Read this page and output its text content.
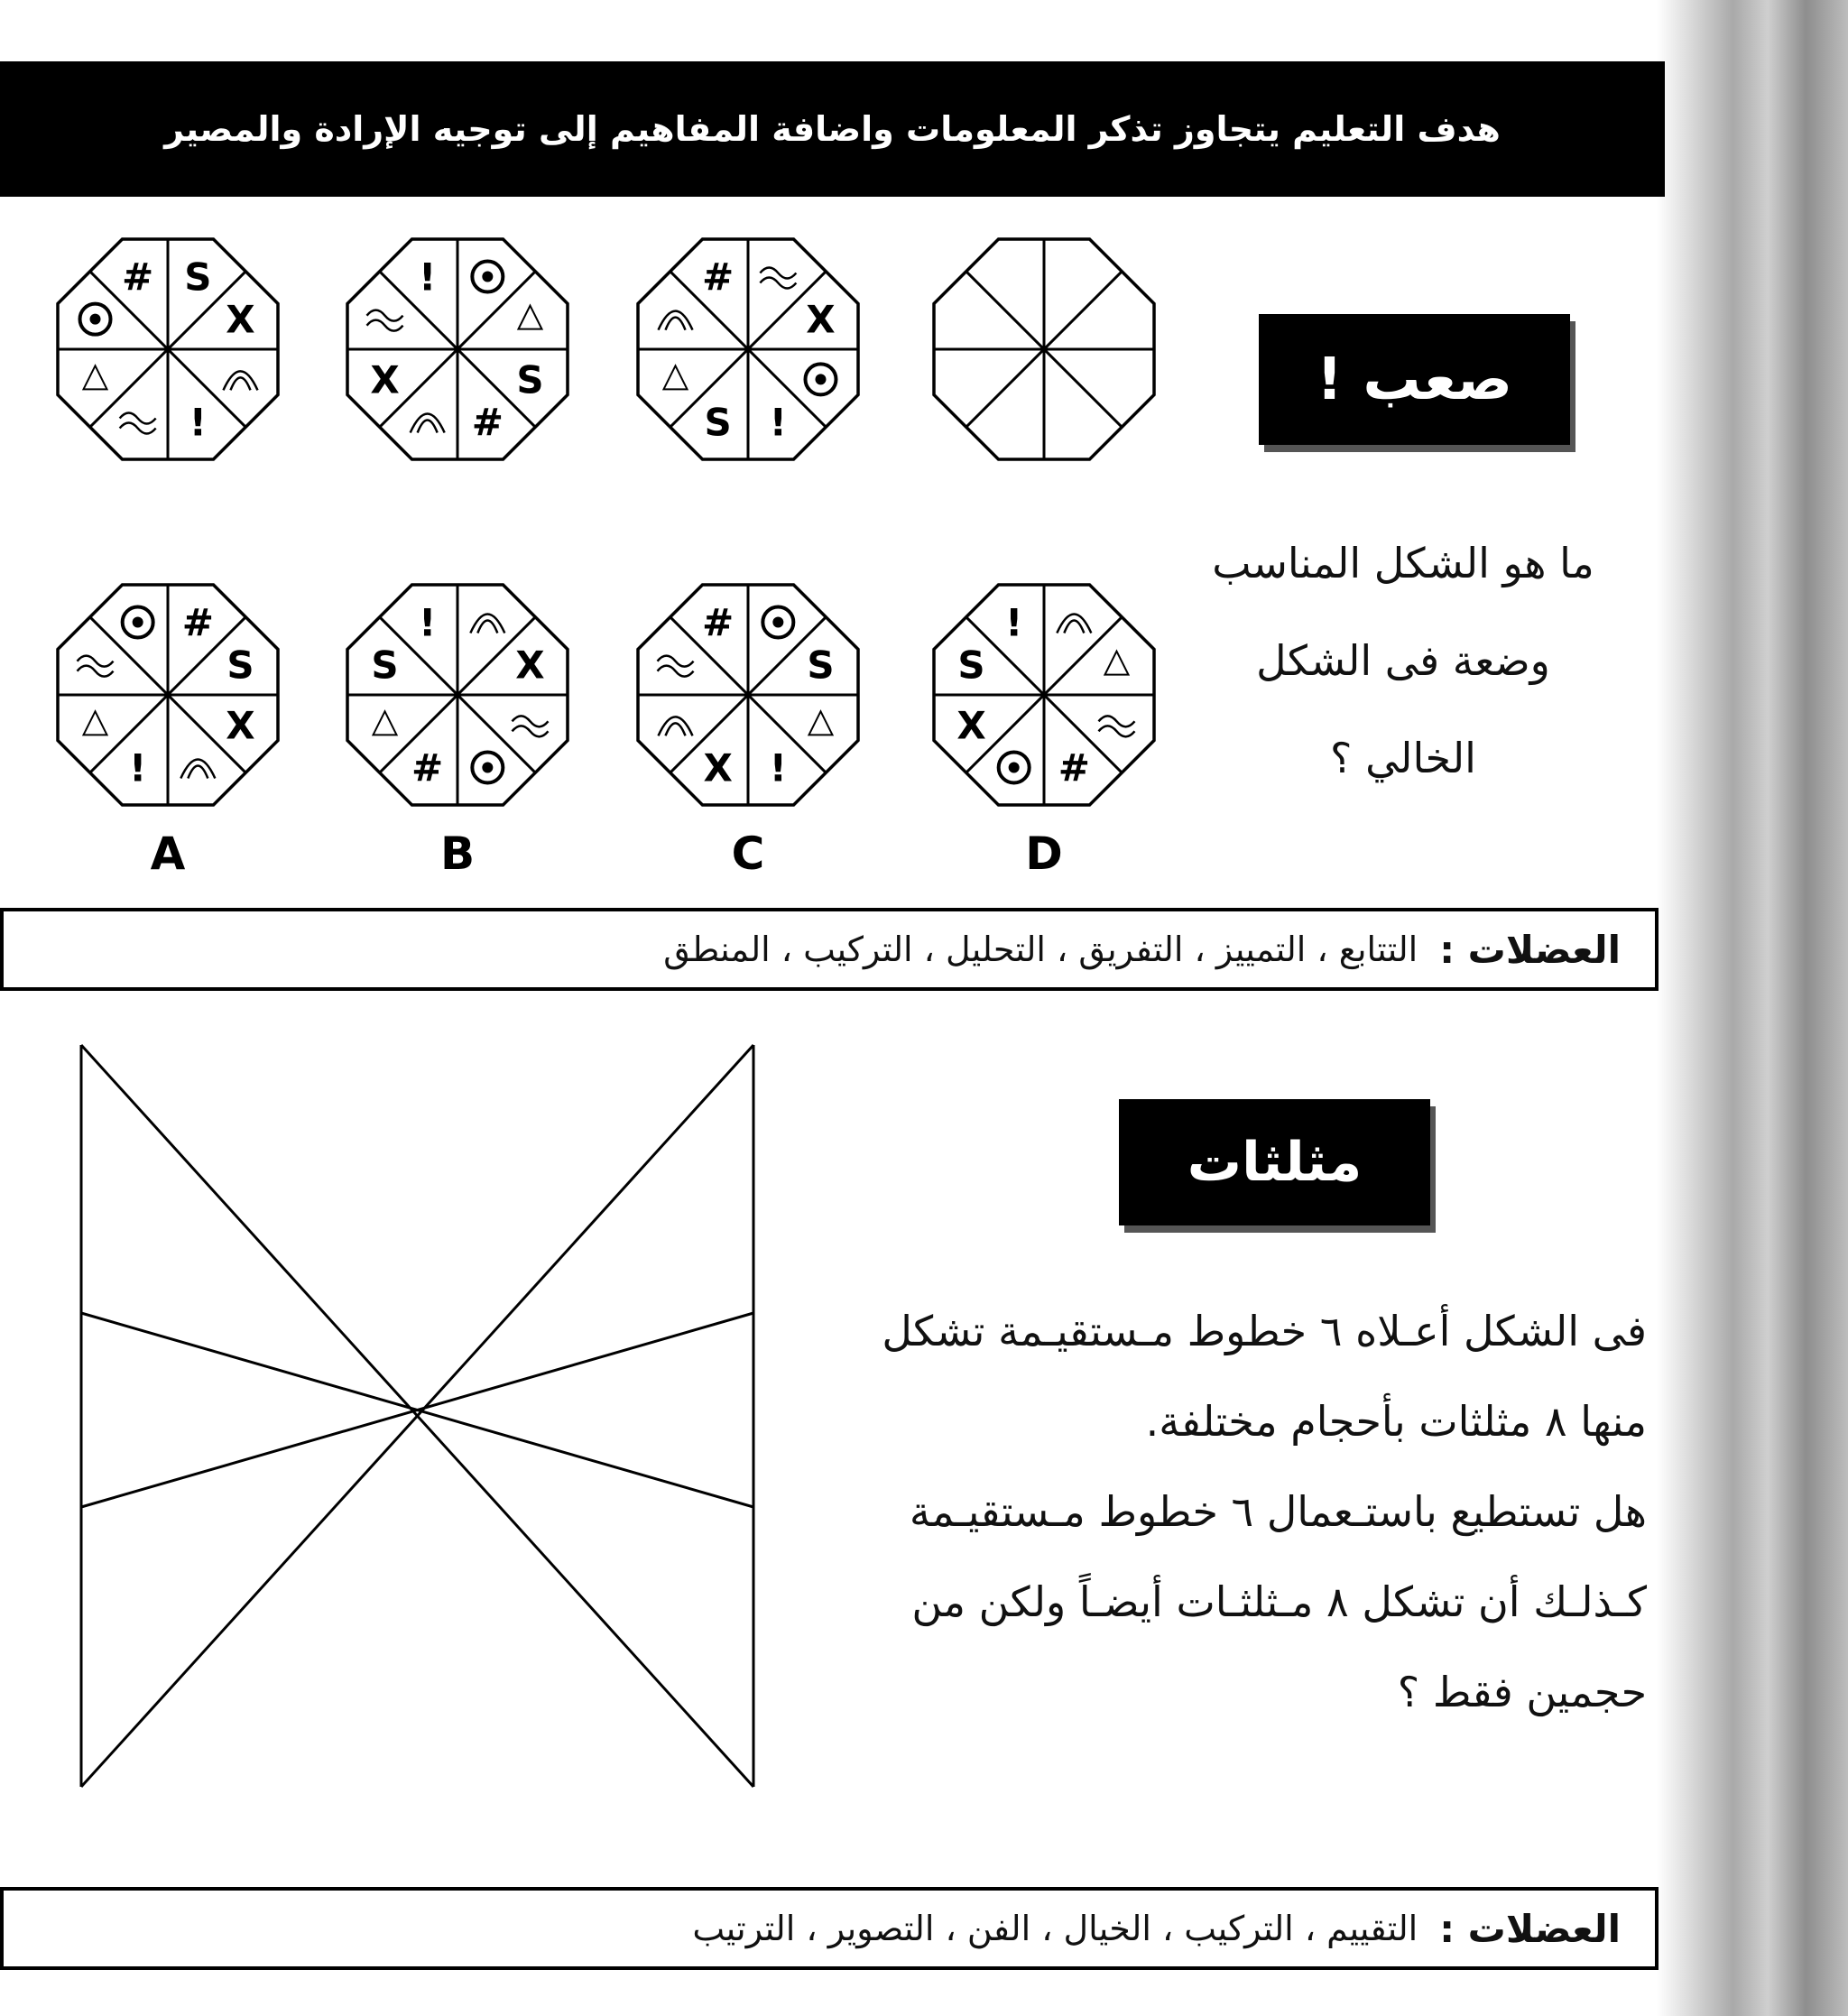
هدف التعليم يتجاوز تذكر المعلومات واضافة المفاهيم إلى توجيه الإرادة والمصير
S
X
!
#
S
#
X
!
X
!
S
#
#
S
X
!
A
X
#
S
!
B
S
!
X
#
C
#
X
S
!
D
صعب !
ما هو الشكل المناسب
وضعة فى الشكل
الخالي ؟
العضلات :
التتابع ، التمييز ، التفريق ، التحليل ، التركيب ، المنطق
مثلثات
فى الشكل أعـلاه ٦ خطوط مـستقيـمة تشكل
منها ٨ مثلثات بأحجام مختلفة.
هل تستطيع باستـعمال ٦ خطوط مـستقيـمة
كـذلـك أن تشكل ٨ مـثلثـات أيضـاً ولكن من
حجمين فقط ؟
العضلات :
التقييم ، التركيب ، الخيال ، الفن ، التصوير ، الترتيب
